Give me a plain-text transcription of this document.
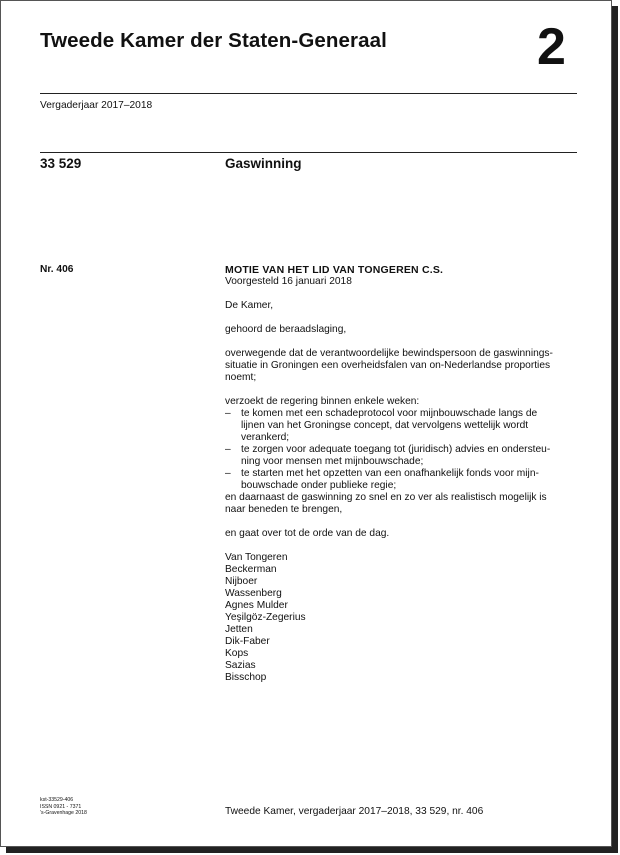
Tweede Kamer der Staten-Generaal	2
Vergaderjaar 2017–2018
33 529	Gaswinning
Nr. 406	MOTIE VAN HET LID VAN TONGEREN C.S.
Voorgesteld 16 januari 2018
De Kamer,
gehoord de beraadslaging,
overwegende dat de verantwoordelijke bewindspersoon de gaswinnings-
situatie in Groningen een overheidsfalen van on-Nederlandse proporties
noemt;
verzoekt de regering binnen enkele weken:
–	te komen met een schadeprotocol voor mijnbouwschade langs de
lijnen van het Groningse concept, dat vervolgens wettelijk wordt
verankerd;
–	te zorgen voor adequate toegang tot (juridisch) advies en ondersteu-
ning voor mensen met mijnbouwschade;
–	te starten met het opzetten van een onafhankelijk fonds voor mijn-
bouwschade onder publieke regie;
en daarnaast de gaswinning zo snel en zo ver als realistisch mogelijk is
naar beneden te brengen,
en gaat over tot de orde van de dag.
Van Tongeren
Beckerman
Nijboer
Wassenberg
Agnes Mulder
Yeşilgöz-Zegerius
Jetten
Dik-Faber
Kops
Sazias
Bisschop
kst-33529-406
ISSN 0921 - 7371
’s-Gravenhage 2018	Tweede Kamer, vergaderjaar 2017–2018, 33 529, nr. 406
